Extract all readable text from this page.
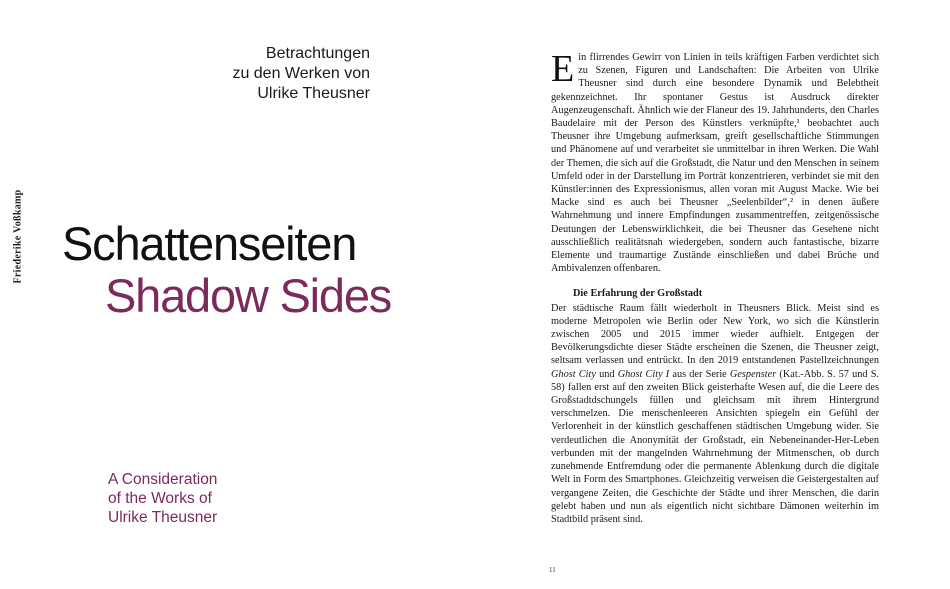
Friederike Voßkamp
Betrachtungen
zu den Werken von
Ulrike Theusner
Schattenseiten
Shadow Sides
A Consideration
of the Works of
Ulrike Theusner

Ein flirrendes Gewirr von Linien in teils kräftigen Farben verdichtet sich zu Szenen, Figuren und Landschaften: Die Arbeiten von Ulrike Theusner sind durch eine besondere Dynamik und Belebtheit gekennzeichnet. Ihr spontaner Gestus ist Ausdruck direkter Augenzeugenschaft. Ähnlich wie der Flaneur des 19. Jahrhunderts, den Charles Baudelaire mit der Person des Künstlers verknüpfte,¹ beobachtet auch Theusner ihre Umgebung aufmerksam, greift gesellschaftliche Stimmungen und Phänomene auf und verarbeitet sie unmittelbar in ihren Werken. Die Wahl der Themen, die sich auf die Großstadt, die Natur und den Menschen in seinem Umfeld oder in der Darstellung im Porträt konzentrieren, verbindet sie mit den Künstler:innen des Expressionismus, allen voran mit August Macke. Wie bei Macke sind es auch bei Theusner „Seelenbilder“,² in denen äußere Wahrnehmung und innere Empfindungen zusammentreffen, zeitgenössische Deutungen der Lebenswirklichkeit, die bei Theusner das Gesehene nicht ausschließlich realitätsnah wiedergeben, sondern auch fantastische, bizarre Elemente und traumartige Zustände einschließen und dabei Brüche und Ambivalenzen offenbaren.

Die Erfahrung der Großstadt

Der städtische Raum fällt wiederholt in Theusners Blick. Meist sind es moderne Metropolen wie Berlin oder New York, wo sich die Künstlerin zwischen 2005 und 2015 immer wieder aufhielt. Entgegen der Bevölkerungsdichte dieser Städte erscheinen die Szenen, die Theusner zeigt, seltsam verlassen und entrückt. In den 2019 entstandenen Pastellzeichnungen Ghost City und Ghost City I aus der Serie Gespenster (Kat.-Abb. S. 57 und S. 58) fallen erst auf den zweiten Blick geisterhafte Wesen auf, die die Leere des Großstadtdschungels füllen und gleichsam mit ihrem Hintergrund verschmelzen. Die menschenleeren Ansichten spiegeln ein Gefühl der Verlorenheit in der künstlich geschaffenen städtischen Umgebung wider. Sie verdeutlichen die Anonymität der Großstadt, ein Nebeneinander-Her-Leben verbunden mit der mangelnden Wahrnehmung der Mitmenschen, ob durch zunehmende Entfremdung oder die permanente Ablenkung durch die digitale Welt in Form des Smartphones. Gleichzeitig verweisen die Geistergestalten auf vergangene Zeiten, die Geschichte der Städte und ihrer Menschen, die darin gelebt haben und nun als eigentlich nicht sichtbare Dämonen weiterhin im Stadtbild präsent sind.

11
